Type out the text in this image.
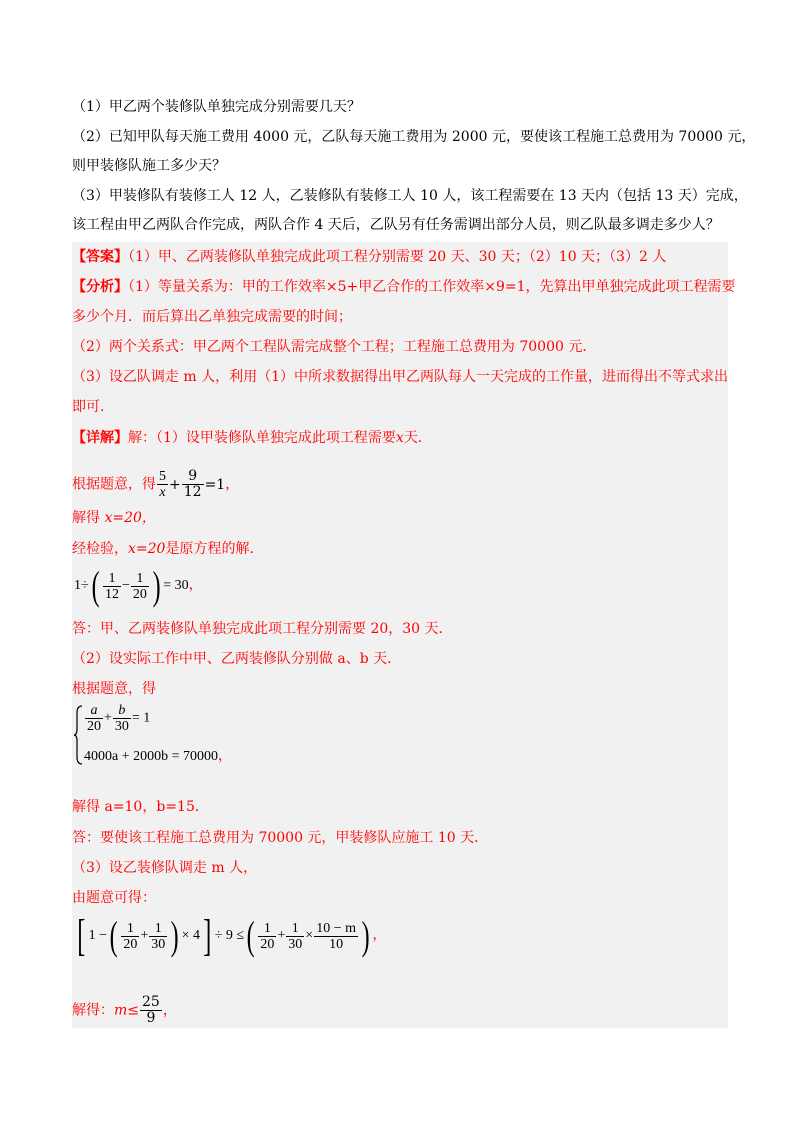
（1）甲乙两个装修队单独完成分别需要几天？
（2）已知甲队每天施工费用 4000 元，乙队每天施工费用为 2000 元，要使该工程施工总费用为 70000 元，
则甲装修队施工多少天？
（3）甲装修队有装修工人 12 人，乙装修队有装修工人 10 人，该工程需要在 13 天内（包括 13 天）完成，
该工程由甲乙两队合作完成，两队合作 4 天后，乙队另有任务需调出部分人员，则乙队最多调走多少人？
【答案】（1）甲、乙两装修队单独完成此项工程分别需要 20 天、30 天；（2）10 天；（3）2 人
【分析】（1）等量关系为：甲的工作效率×5+甲乙合作的工作效率×9=1，先算出甲单独完成此项工程需要
多少个月．而后算出乙单独完成需要的时间；
（2）两个关系式：甲乙两个工程队需完成整个工程；工程施工总费用为 70000 元．
（3）设乙队调走 m 人，利用（1）中所求数据得出甲乙两队每人一天完成的工作量，进而得出不等式求出
即可．
【详解】解：（1）设甲装修队单独完成此项工程需要x天．
根据题意，得 $\frac{5}{x} + \frac{9}{12} =1$，
解得 x=20，
经检验，x=20是原方程的解．
$1\div( \frac{1}{12} - \frac{1}{20}$ ) = 30，
答：甲、乙两装修队单独完成此项工程分别需要 20，30 天．
（2）设实际工作中甲、乙两装修队分别做 a、b 天．
根据题意，得
$\frac{a}{20} + \frac{b}{30} = 1$
4000a + 2000b = 70000，
解得 a=10，b=15．
答：要使该工程施工总费用为 70000 元，甲装修队应施工 10 天．
（3）设乙装修队调走 m 人，
由题意可得：
[ 1 −( $\frac{1}{20} + \frac{1}{30}$ ) × 4] ÷ 9 ≤( $\frac{1}{20} + \frac{1}{30} \times \frac{10 - m}{10}$ ) ，
解得：$m\le \frac{25}{9}$ ，
